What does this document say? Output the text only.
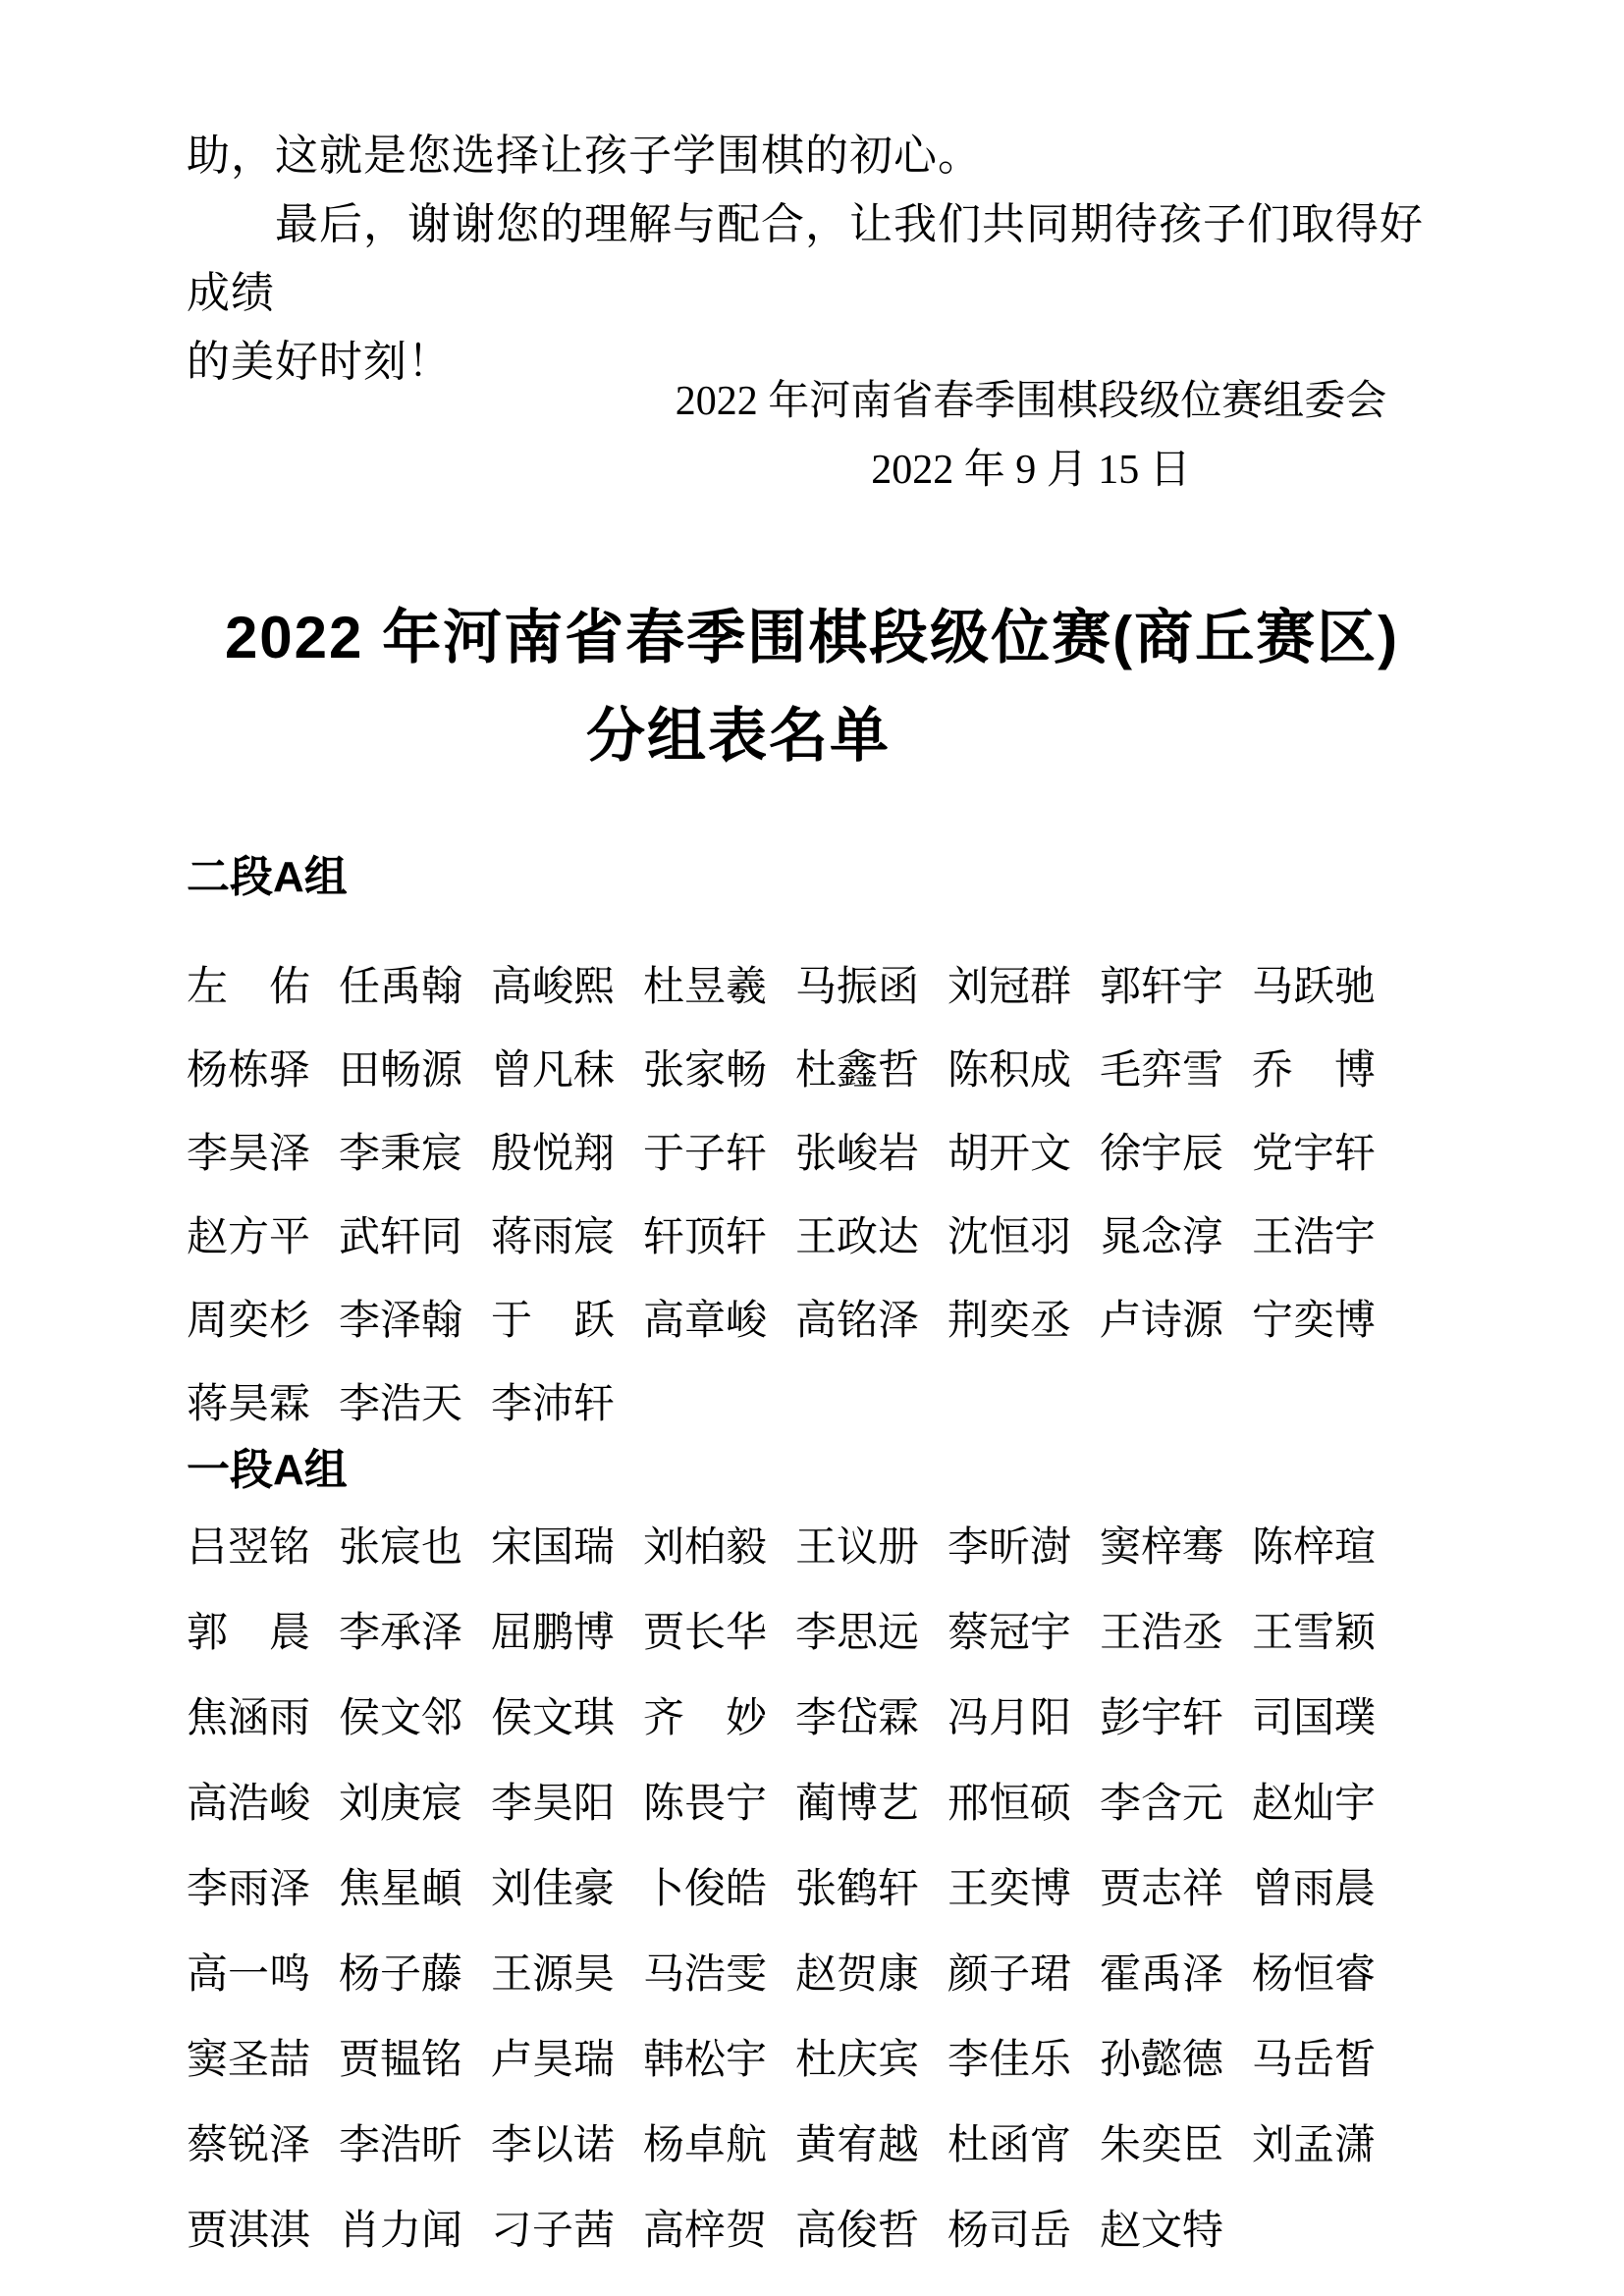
助，这就是您选择让孩子学围棋的初心。
最后，谢谢您的理解与配合，让我们共同期待孩子们取得好成绩
的美好时刻！
2022 年河南省春季围棋段级位赛组委会
2022 年 9 月 15 日
2022 年河南省春季围棋段级位赛(商丘赛区)
分组表名单
二段A组
左　佑 任禹翰 高峻熙 杜昱羲 马振函 刘冠群 郭轩宇 马跃驰
杨栋驿 田畅源 曾凡秣 张家畅 杜鑫哲 陈积成 毛弈雪 乔　博
李昊泽 李秉宸 殷悦翔 于子轩 张峻岩 胡开文 徐宇辰 党宇轩
赵方平 武轩同 蒋雨宸 轩顶轩 王政达 沈恒羽 晁念淳 王浩宇
周奕杉 李泽翰 于　跃 高章峻 高铭泽 荆奕丞 卢诗源 宁奕博
蒋昊霖 李浩天 李沛轩
一段A组
吕翌铭 张宸也 宋国瑞 刘柏毅 王议册 李昕澍 窦梓骞 陈梓瑄
郭　晨 李承泽 屈鹏博 贾长华 李思远 蔡冠宇 王浩丞 王雪颖
焦涵雨 侯文邻 侯文琪 齐　妙 李岱霖 冯月阳 彭宇轩 司国璞
高浩峻 刘庚宸 李昊阳 陈畏宁 蔺博艺 邢恒硕 李含元 赵灿宇
李雨泽 焦星頔 刘佳豪 卜俊皓 张鹤轩 王奕博 贾志祥 曾雨晨
高一鸣 杨子藤 王源昊 马浩雯 赵贺康 颜子珺 霍禹泽 杨恒睿
窦圣喆 贾韫铭 卢昊瑞 韩松宇 杜庆宾 李佳乐 孙懿德 马岳皙
蔡锐泽 李浩昕 李以诺 杨卓航 黄宥越 杜函宵 朱奕臣 刘孟潇
贾淇淇 肖力闻 刁子茜 高梓贺 高俊哲 杨司岳 赵文特
